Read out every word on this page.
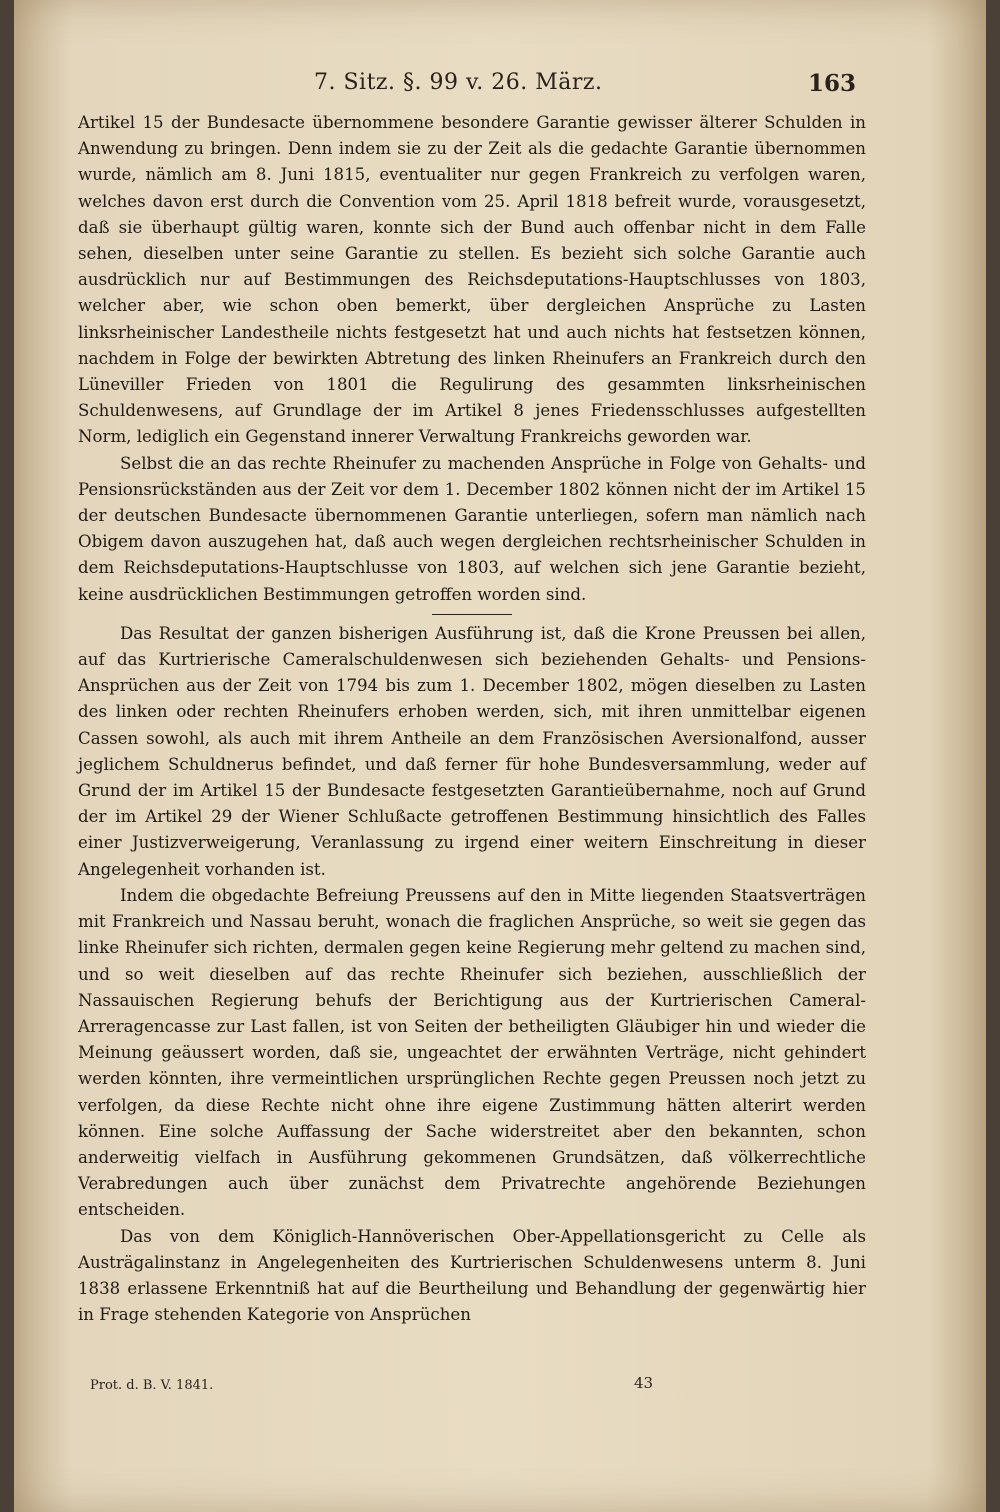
7. Sitz. §. 99 v. 26. März.	163

Artikel 15 der Bundesacte übernommene besondere Garantie gewisser älterer Schulden in Anwendung zu bringen. Denn indem sie zu der Zeit als die gedachte Garantie übernommen wurde, nämlich am 8. Juni 1815, eventualiter nur gegen Frankreich zu verfolgen waren, welches davon erst durch die Convention vom 25. April 1818 befreit wurde, vorausgesetzt, daß sie überhaupt gültig waren, konnte sich der Bund auch offenbar nicht in dem Falle sehen, dieselben unter seine Garantie zu stellen. Es bezieht sich solche Garantie auch ausdrücklich nur auf Bestimmungen des Reichsdeputations-Hauptschlusses von 1803, welcher aber, wie schon oben bemerkt, über dergleichen Ansprüche zu Lasten linksrheinischer Landestheile nichts festgesetzt hat und auch nichts hat festsetzen können, nachdem in Folge der bewirkten Abtretung des linken Rheinufers an Frankreich durch den Lüneviller Frieden von 1801 die Regulirung des gesammten linksrheinischen Schuldenwesens, auf Grundlage der im Artikel 8 jenes Friedensschlusses aufgestellten Norm, lediglich ein Gegenstand innerer Verwaltung Frankreichs geworden war.

Selbst die an das rechte Rheinufer zu machenden Ansprüche in Folge von Gehalts- und Pensionsrückständen aus der Zeit vor dem 1. December 1802 können nicht der im Artikel 15 der deutschen Bundesacte übernommenen Garantie unterliegen, sofern man nämlich nach Obigem davon auszugehen hat, daß auch wegen dergleichen rechtsrheinischer Schulden in dem Reichsdeputations-Hauptschlusse von 1803, auf welchen sich jene Garantie bezieht, keine ausdrücklichen Bestimmungen getroffen worden sind.

Das Resultat der ganzen bisherigen Ausführung ist, daß die Krone Preussen bei allen, auf das Kurtrierische Cameralschuldenwesen sich beziehenden Gehalts- und Pensions-Ansprüchen aus der Zeit von 1794 bis zum 1. December 1802, mögen dieselben zu Lasten des linken oder rechten Rheinufers erhoben werden, sich, mit ihren unmittelbar eigenen Cassen sowohl, als auch mit ihrem Antheile an dem Französischen Aversionalfond, ausser jeglichem Schuldnerus befindet, und daß ferner für hohe Bundesversammlung, weder auf Grund der im Artikel 15 der Bundesacte festgesetzten Garantieübernahme, noch auf Grund der im Artikel 29 der Wiener Schlußacte getroffenen Bestimmung hinsichtlich des Falles einer Justizverweigerung, Veranlassung zu irgend einer weitern Einschreitung in dieser Angelegenheit vorhanden ist.

Indem die obgedachte Befreiung Preussens auf den in Mitte liegenden Staatsverträgen mit Frankreich und Nassau beruht, wonach die fraglichen Ansprüche, so weit sie gegen das linke Rheinufer sich richten, dermalen gegen keine Regierung mehr geltend zu machen sind, und so weit dieselben auf das rechte Rheinufer sich beziehen, ausschließlich der Nassauischen Regierung behufs der Berichtigung aus der Kurtrierischen Cameral-Arreragencasse zur Last fallen, ist von Seiten der betheiligten Gläubiger hin und wieder die Meinung geäussert worden, daß sie, ungeachtet der erwähnten Verträge, nicht gehindert werden könnten, ihre vermeintlichen ursprünglichen Rechte gegen Preussen noch jetzt zu verfolgen, da diese Rechte nicht ohne ihre eigene Zustimmung hätten alterirt werden können. Eine solche Auffassung der Sache widerstreitet aber den bekannten, schon anderweitig vielfach in Ausführung gekommenen Grundsätzen, daß völkerrechtliche Verabredungen auch über zunächst dem Privatrechte angehörende Beziehungen entscheiden.

Das von dem Königlich-Hannöverischen Ober-Appellationsgericht zu Celle als Austrägalinstanz in Angelegenheiten des Kurtrierischen Schuldenwesens unterm 8. Juni 1838 erlassene Erkenntniß hat auf die Beurtheilung und Behandlung der gegenwärtig hier in Frage stehenden Kategorie von Ansprüchen

Prot. d. B. V. 1841.	43
